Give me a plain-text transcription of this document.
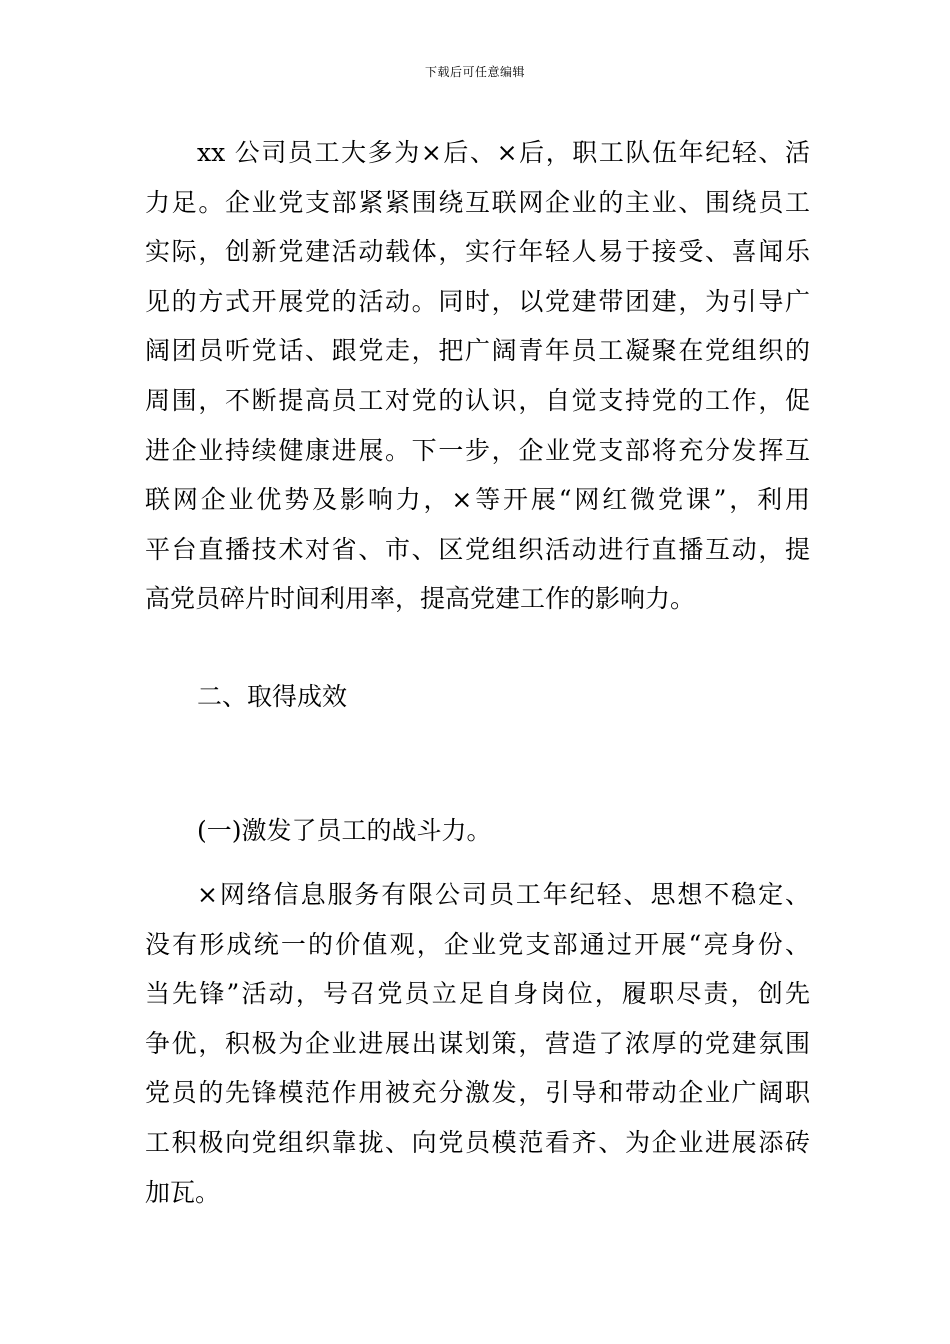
下载后可任意编辑
xx 公司员工大多为×后、×后，职工队伍年纪轻、活
力足。企业党支部紧紧围绕互联网企业的主业、围绕员工
实际，创新党建活动载体，实行年轻人易于接受、喜闻乐
见的方式开展党的活动。同时，以党建带团建，为引导广
阔团员听党话、跟党走，把广阔青年员工凝聚在党组织的
周围，不断提高员工对党的认识，自觉支持党的工作，促
进企业持续健康进展。下一步，企业党支部将充分发挥互
联网企业优势及影响力，×等开展“网红微党课”，利用
平台直播技术对省、市、区党组织活动进行直播互动，提
高党员碎片时间利用率，提高党建工作的影响力。
二、取得成效
(一)激发了员工的战斗力。
×网络信息服务有限公司员工年纪轻、思想不稳定、
没有形成统一的价值观，企业党支部通过开展“亮身份、
当先锋”活动，号召党员立足自身岗位，履职尽责，创先
争优，积极为企业进展出谋划策，营造了浓厚的党建氛围
党员的先锋模范作用被充分激发，引导和带动企业广阔职
工积极向党组织靠拢、向党员模范看齐、为企业进展添砖
加瓦。
